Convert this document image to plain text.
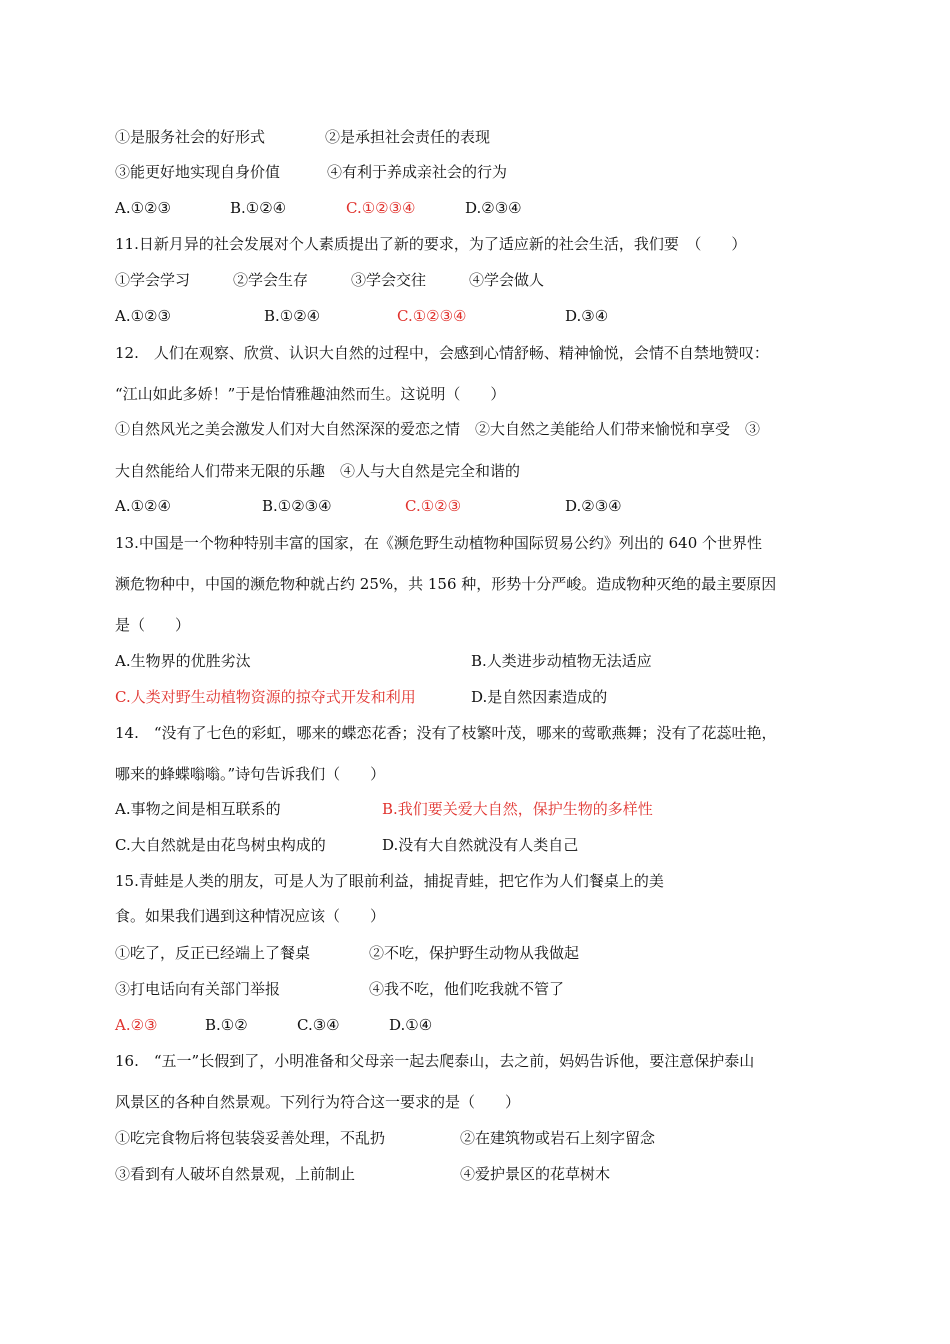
①是服务社会的好形式	②是承担社会责任的表现
③能更好地实现自身价值	④有利于养成亲社会的行为
A.①②③	B.①②④	C.①②③④	D.②③④
11.日新月异的社会发展对个人素质提出了新的要求，为了适应新的社会生活，我们要　（　　）
①学会学习	②学会生存	③学会交往	④学会做人
A.①②③	B.①②④	C.①②③④	D.③④
12.　人们在观察、欣赏、认识大自然的过程中，会感到心情舒畅、精神愉悦，会情不自禁地赞叹：
“江山如此多娇！”于是怡情雅趣油然而生。这说明（　　）
①自然风光之美会激发人们对大自然深深的爱恋之情　②大自然之美能给人们带来愉悦和享受　③
大自然能给人们带来无限的乐趣　④人与大自然是完全和谐的
A.①②④	B.①②③④	C.①②③	D.②③④
13.中国是一个物种特别丰富的国家，在《濒危野生动植物种国际贸易公约》列出的 640 个世界性
濒危物种中，中国的濒危物种就占约 25%，共 156 种，形势十分严峻。造成物种灭绝的最主要原因
是（　　）
A.生物界的优胜劣汰	B.人类进步动植物无法适应
C.人类对野生动植物资源的掠夺式开发和利用	D.是自然因素造成的
14.　“没有了七色的彩虹，哪来的蝶恋花香；没有了枝繁叶茂，哪来的莺歌燕舞；没有了花蕊吐艳，
哪来的蜂蝶嗡嗡。”诗句告诉我们（　　）
A.事物之间是相互联系的	B.我们要关爱大自然，保护生物的多样性
C.大自然就是由花鸟树虫构成的	D.没有大自然就没有人类自己
15.青蛙是人类的朋友，可是人为了眼前利益，捕捉青蛙，把它作为人们餐桌上的美
食。如果我们遇到这种情况应该（　　）
①吃了，反正已经端上了餐桌	②不吃，保护野生动物从我做起
③打电话向有关部门举报	④我不吃，他们吃我就不管了
A.②③	B.①②	C.③④	D.①④
16.　“五一”长假到了，小明准备和父母亲一起去爬泰山，去之前，妈妈告诉他，要注意保护泰山
风景区的各种自然景观。下列行为符合这一要求的是（　　）
①吃完食物后将包装袋妥善处理，不乱扔	②在建筑物或岩石上刻字留念
③看到有人破坏自然景观，上前制止	④爱护景区的花草树木
